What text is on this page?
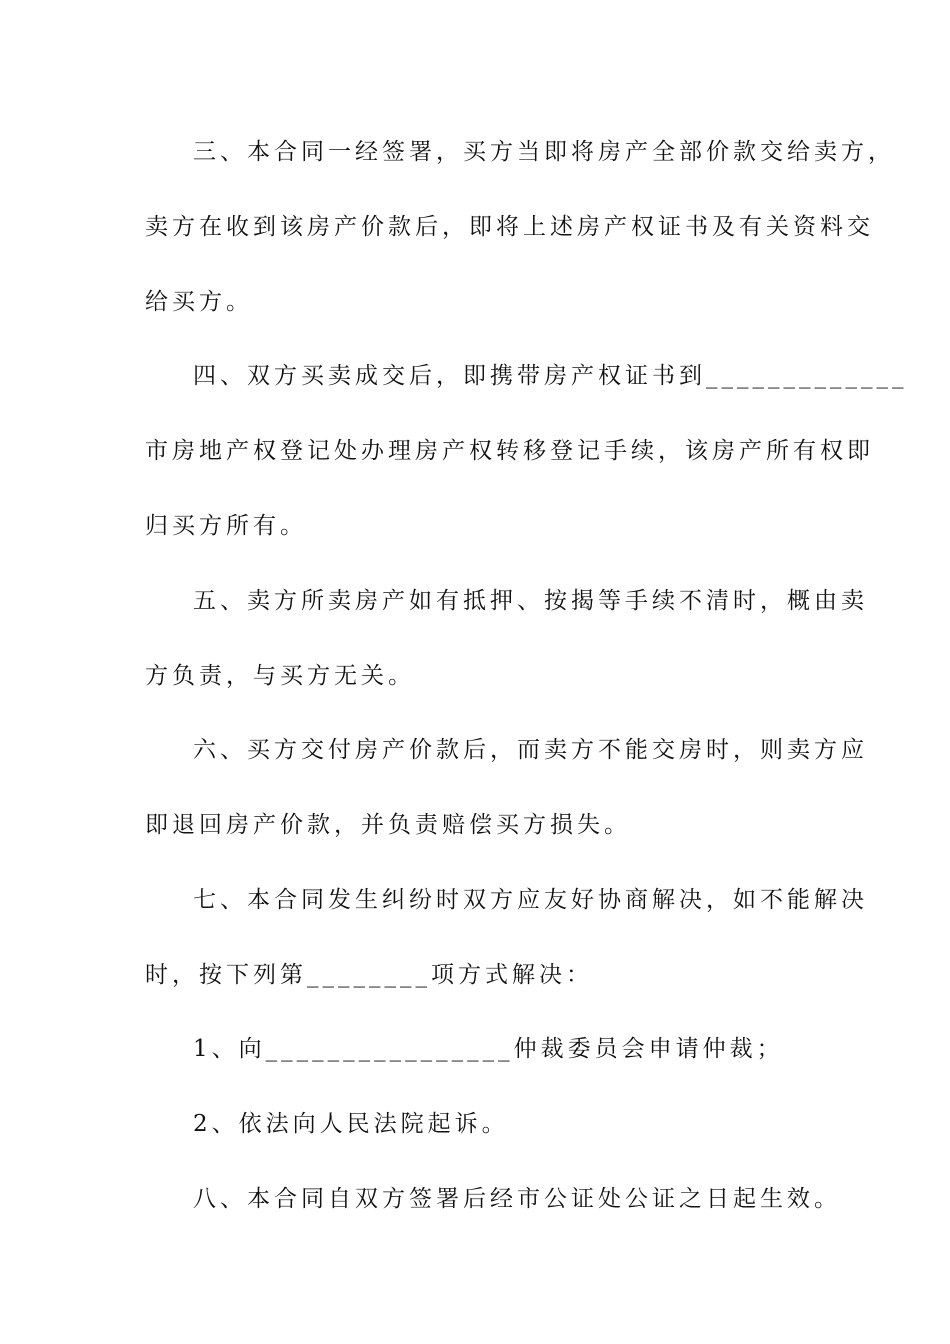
三、本合同一经签署，买方当即将房产全部价款交给卖方，

卖方在收到该房产价款后，即将上述房产权证书及有关资料交

给买方。

四、双方买卖成交后，即携带房产权证书到_____________

市房地产权登记处办理房产权转移登记手续，该房产所有权即

归买方所有。

五、卖方所卖房产如有抵押、按揭等手续不清时，概由卖

方负责，与买方无关。

六、买方交付房产价款后，而卖方不能交房时，则卖方应

即退回房产价款，并负责赔偿买方损失。

七、本合同发生纠纷时双方应友好协商解决，如不能解决

时，按下列第________项方式解决：

1、向________________仲裁委员会申请仲裁；

2、依法向人民法院起诉。

八、本合同自双方签署后经市公证处公证之日起生效。
